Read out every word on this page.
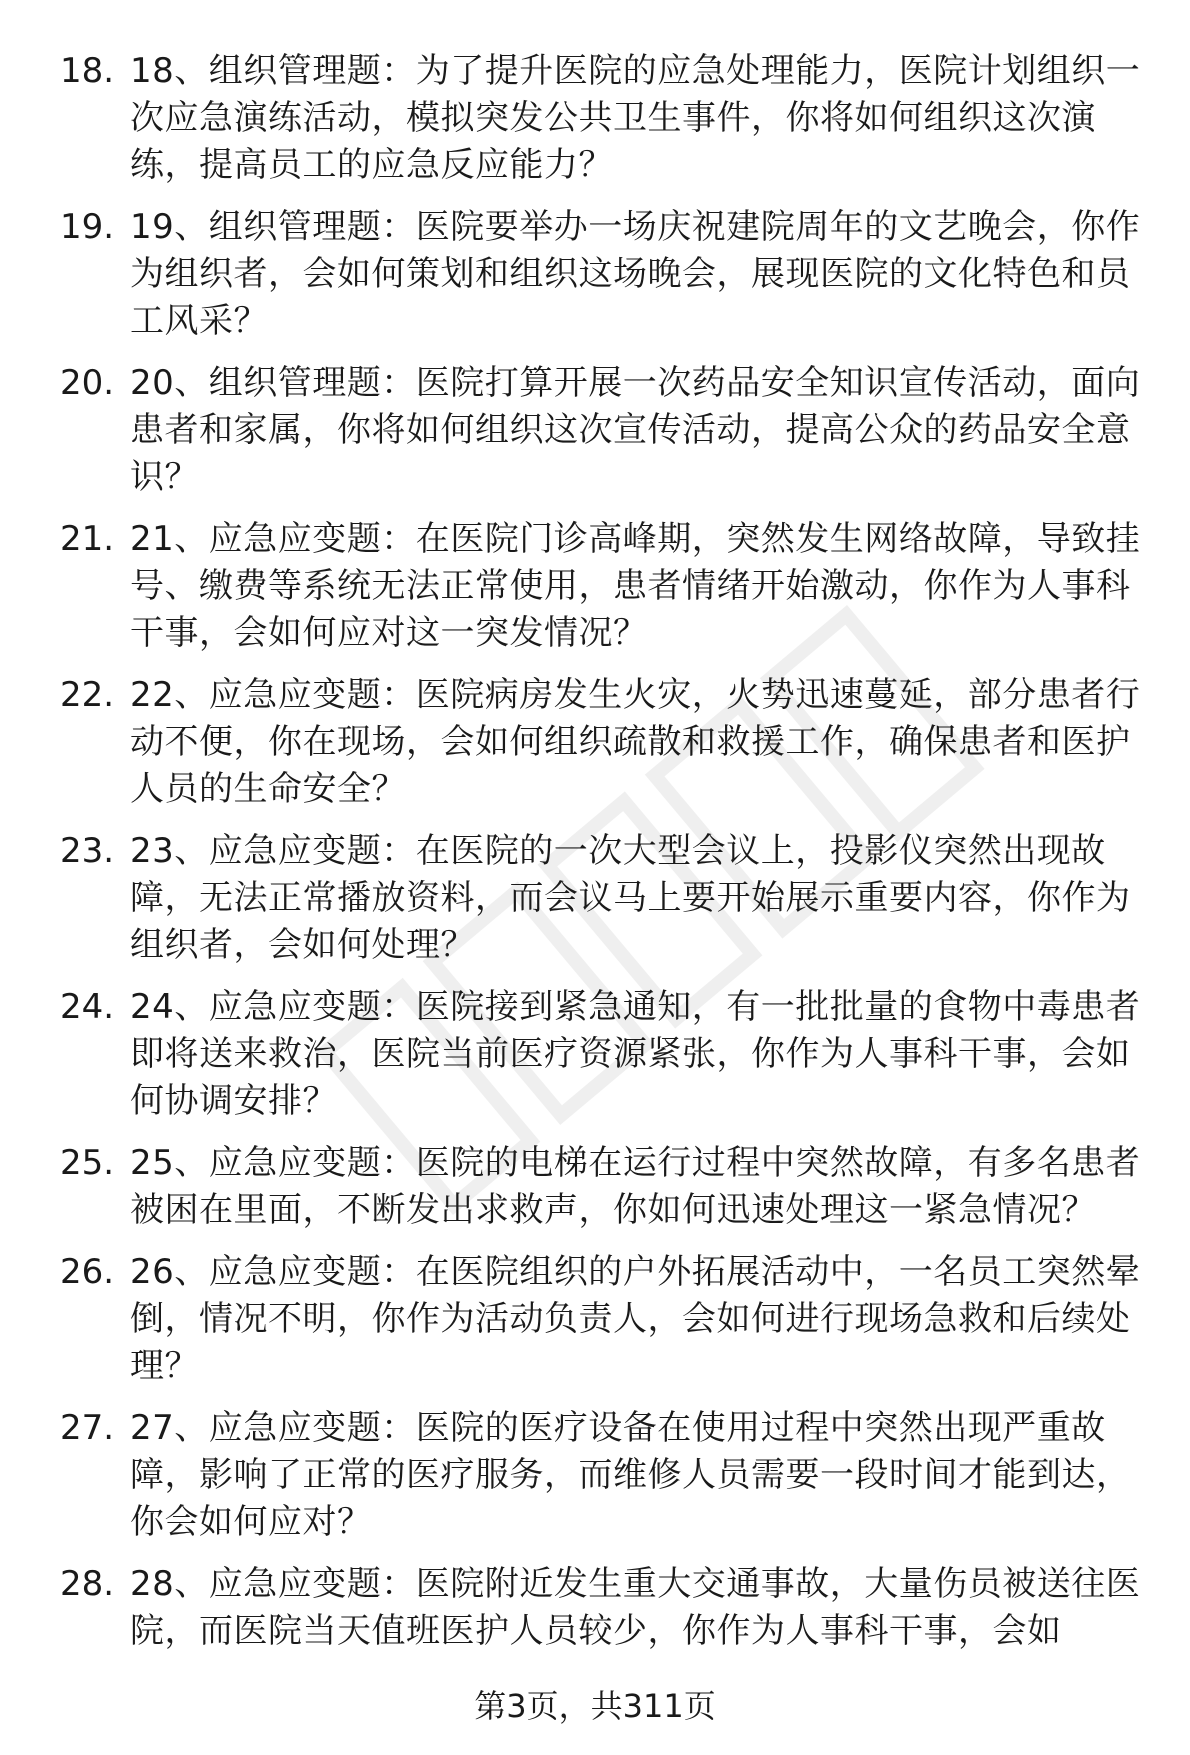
18. 18、组织管理题：为了提升医院的应急处理能力，医院计划组织一次应急演练活动，模拟突发公共卫生事件，你将如何组织这次演练，提高员工的应急反应能力？
19. 19、组织管理题：医院要举办一场庆祝建院周年的文艺晚会，你作为组织者，会如何策划和组织这场晚会，展现医院的文化特色和员工风采？
20. 20、组织管理题：医院打算开展一次药品安全知识宣传活动，面向患者和家属，你将如何组织这次宣传活动，提高公众的药品安全意识？
21. 21、应急应变题：在医院门诊高峰期，突然发生网络故障，导致挂号、缴费等系统无法正常使用，患者情绪开始激动，你作为人事科干事，会如何应对这一突发情况？
22. 22、应急应变题：医院病房发生火灾，火势迅速蔓延，部分患者行动不便，你在现场，会如何组织疏散和救援工作，确保患者和医护人员的生命安全？
23. 23、应急应变题：在医院的一次大型会议上，投影仪突然出现故障，无法正常播放资料，而会议马上要开始展示重要内容，你作为组织者，会如何处理？
24. 24、应急应变题：医院接到紧急通知，有一批批量的食物中毒患者即将送来救治，医院当前医疗资源紧张，你作为人事科干事，会如何协调安排？
25. 25、应急应变题：医院的电梯在运行过程中突然故障，有多名患者被困在里面，不断发出求救声，你如何迅速处理这一紧急情况？
26. 26、应急应变题：在医院组织的户外拓展活动中，一名员工突然晕倒，情况不明，你作为活动负责人，会如何进行现场急救和后续处理？
27. 27、应急应变题：医院的医疗设备在使用过程中突然出现严重故障，影响了正常的医疗服务，而维修人员需要一段时间才能到达，你会如何应对？
28. 28、应急应变题：医院附近发生重大交通事故，大量伤员被送往医院，而医院当天值班医护人员较少，你作为人事科干事，会如
第3页，共311页
